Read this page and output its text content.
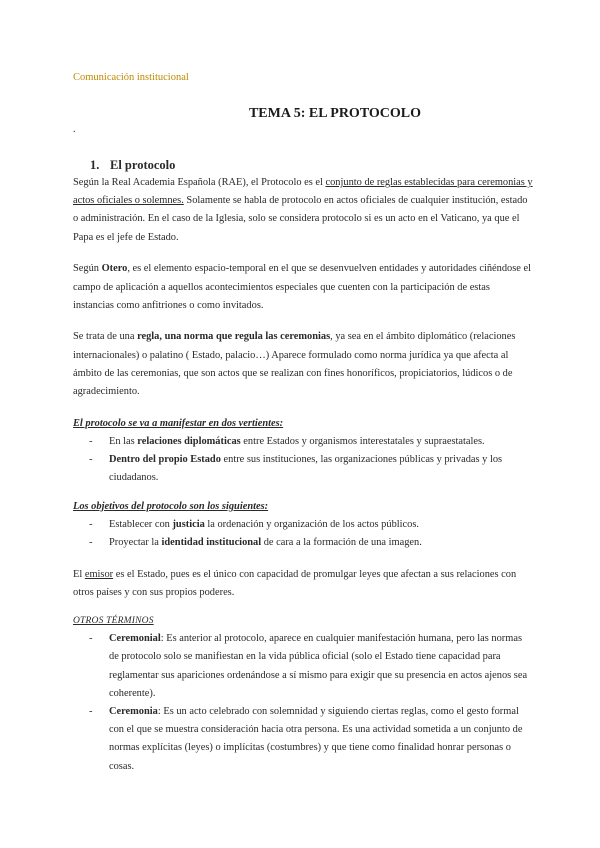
Comunicación institucional
TEMA 5: EL PROTOCOLO
.
1. El protocolo

Según la Real Academia Española (RAE), el Protocolo es el conjunto de reglas establecidas para ceremonias y actos oficiales o solemnes. Solamente se habla de protocolo en actos oficiales de cualquier institución, estado o administración. En el caso de la Iglesia, solo se considera protocolo si es un acto en el Vaticano, ya que el Papa es el jefe de Estado.

Según Otero, es el elemento espacio-temporal en el que se desenvuelven entidades y autoridades ciñéndose el campo de aplicación a aquellos acontecimientos especiales que cuenten con la participación de estas instancias como anfitriones o como invitados.

Se trata de una regla, una norma que regula las ceremonias, ya sea en el ámbito diplomático (relaciones internacionales) o palatino ( Estado, palacio…) Aparece formulado como norma jurídica ya que afecta al ámbito de las ceremonias, que son actos que se realizan con fines honoríficos, propiciatorios, lúdicos o de agradecimiento.

El protocolo se va a manifestar en dos vertientes:

- En las relaciones diplomáticas entre Estados y organismos interestatales y supraestatales.
- Dentro del propio Estado entre sus instituciones, las organizaciones públicas y privadas y los ciudadanos.

Los objetivos del protocolo son los siguientes:

- Establecer con justicia la ordenación y organización de los actos públicos.
- Proyectar la identidad institucional de cara a la formación de una imagen.

El emisor es el Estado, pues es el único con capacidad de promulgar leyes que afectan a sus relaciones con otros países y con sus propios poderes.

OTROS TÉRMINOS

- Ceremonial: Es anterior al protocolo, aparece en cualquier manifestación humana, pero las normas de protocolo solo se manifiestan en la vida pública oficial (solo el Estado tiene capacidad para reglamentar sus apariciones ordenándose a sí mismo para exigir que su presencia en actos ajenos sea coherente).
- Ceremonia: Es un acto celebrado con solemnidad y siguiendo ciertas reglas, como el gesto formal con el que se muestra consideración hacia otra persona. Es una actividad sometida a un conjunto de normas explícitas (leyes) o implícitas (costumbres) y que tiene como finalidad honrar personas o cosas.
